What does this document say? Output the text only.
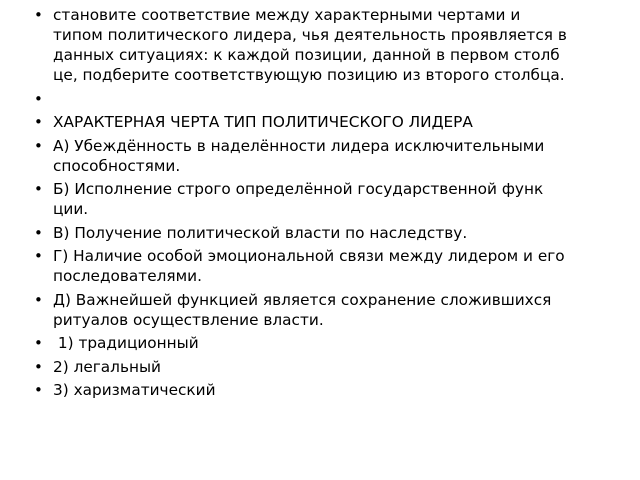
• становите соответствие между характерными чертами и
типом политического лидера, чья деятельность проявляется в
данных ситуациях: к каждой позиции, данной в первом столб
це, подберите соответствующую позицию из второго столбца.
•
• ХАРАКТЕРНАЯ ЧЕРТА ТИП ПОЛИТИЧЕСКОГО ЛИДЕРА
• А) Убеждённость в наделённости лидера исключительными
способностями.
• Б) Исполнение строго определённой государственной функ
ции.
• В) Получение политической власти по наследству.
• Г) Наличие особой эмоциональной связи между лидером и его
последователями.
• Д) Важнейшей функцией является сохранение сложившихся
ритуалов осуществление власти.
• 1) традиционный
• 2) легальный
• 3) харизматический
